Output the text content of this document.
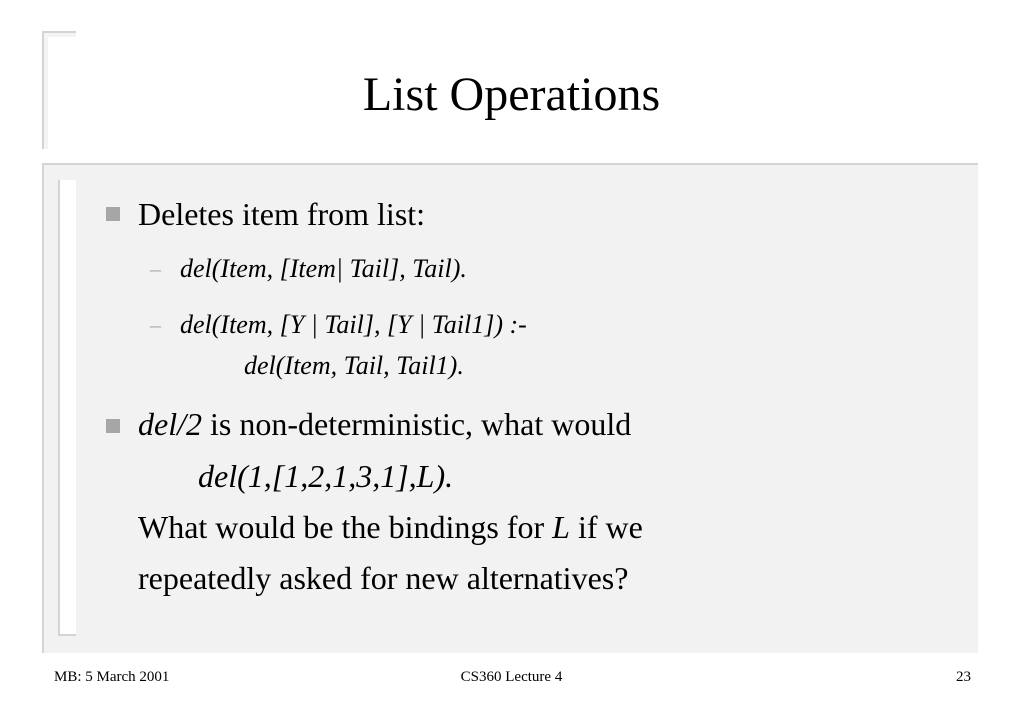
List Operations
Deletes item from list:
– del(Item, [Item| Tail], Tail).
– del(Item, [Y | Tail], [Y | Tail1]) :-
del(Item, Tail, Tail1).
del/2 is non-deterministic, what would
del(1,[1,2,1,3,1],L).
What would be the bindings for L if we
repeatedly asked for new alternatives?
MB: 5 March 2001	CS360 Lecture 4	23
